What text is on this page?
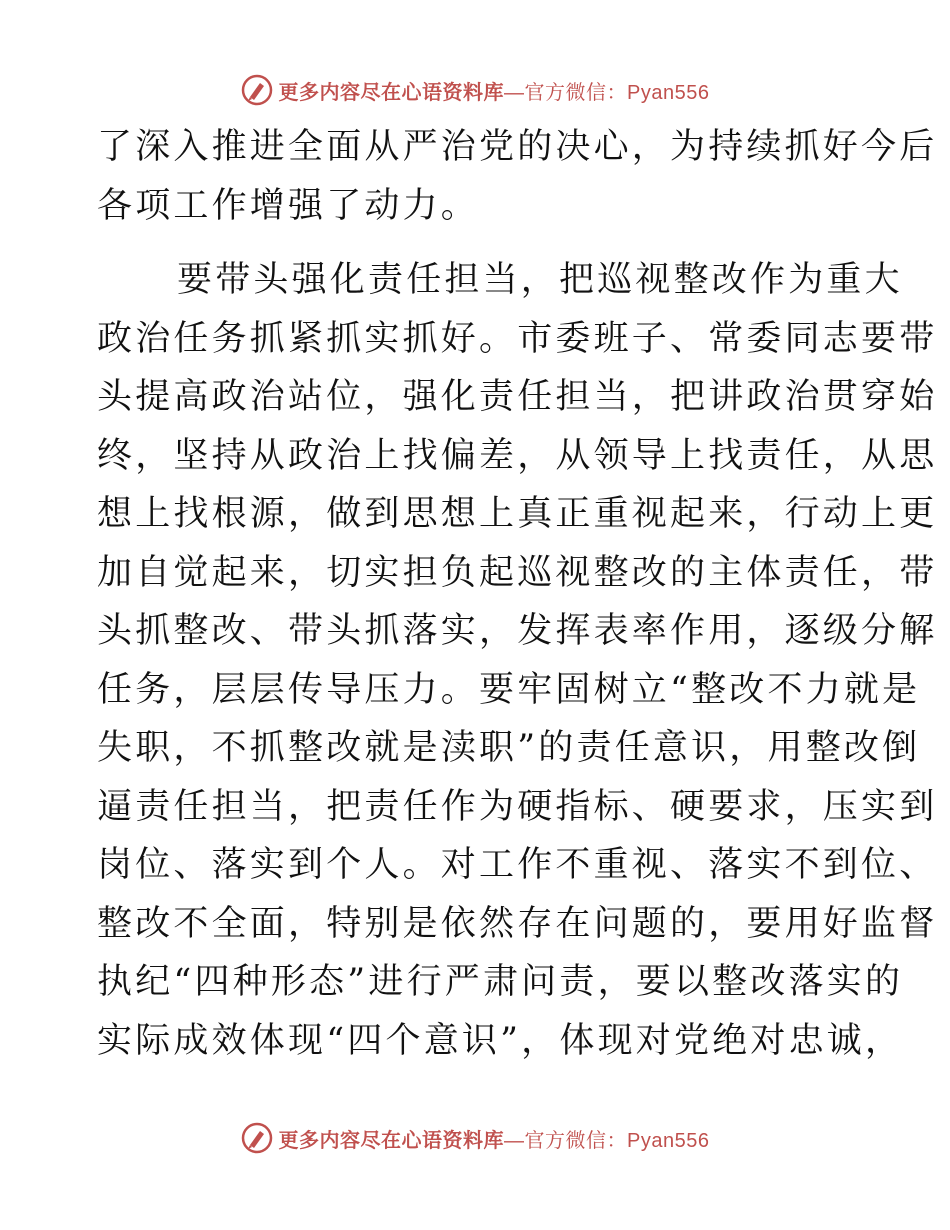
更多内容尽在心语资料库—官方微信：Pyan556
了深入推进全面从严治党的决心，为持续抓好今后
各项工作增强了动力。
要带头强化责任担当，把巡视整改作为重大
政治任务抓紧抓实抓好。市委班子、常委同志要带
头提高政治站位，强化责任担当，把讲政治贯穿始
终，坚持从政治上找偏差，从领导上找责任，从思
想上找根源，做到思想上真正重视起来，行动上更
加自觉起来，切实担负起巡视整改的主体责任，带
头抓整改、带头抓落实，发挥表率作用，逐级分解
任务，层层传导压力。要牢固树立“整改不力就是
失职，不抓整改就是渎职”的责任意识，用整改倒
逼责任担当，把责任作为硬指标、硬要求，压实到
岗位、落实到个人。对工作不重视、落实不到位、
整改不全面，特别是依然存在问题的，要用好监督
执纪“四种形态”进行严肃问责，要以整改落实的
实际成效体现“四个意识”，体现对党绝对忠诚，
更多内容尽在心语资料库—官方微信：Pyan556
